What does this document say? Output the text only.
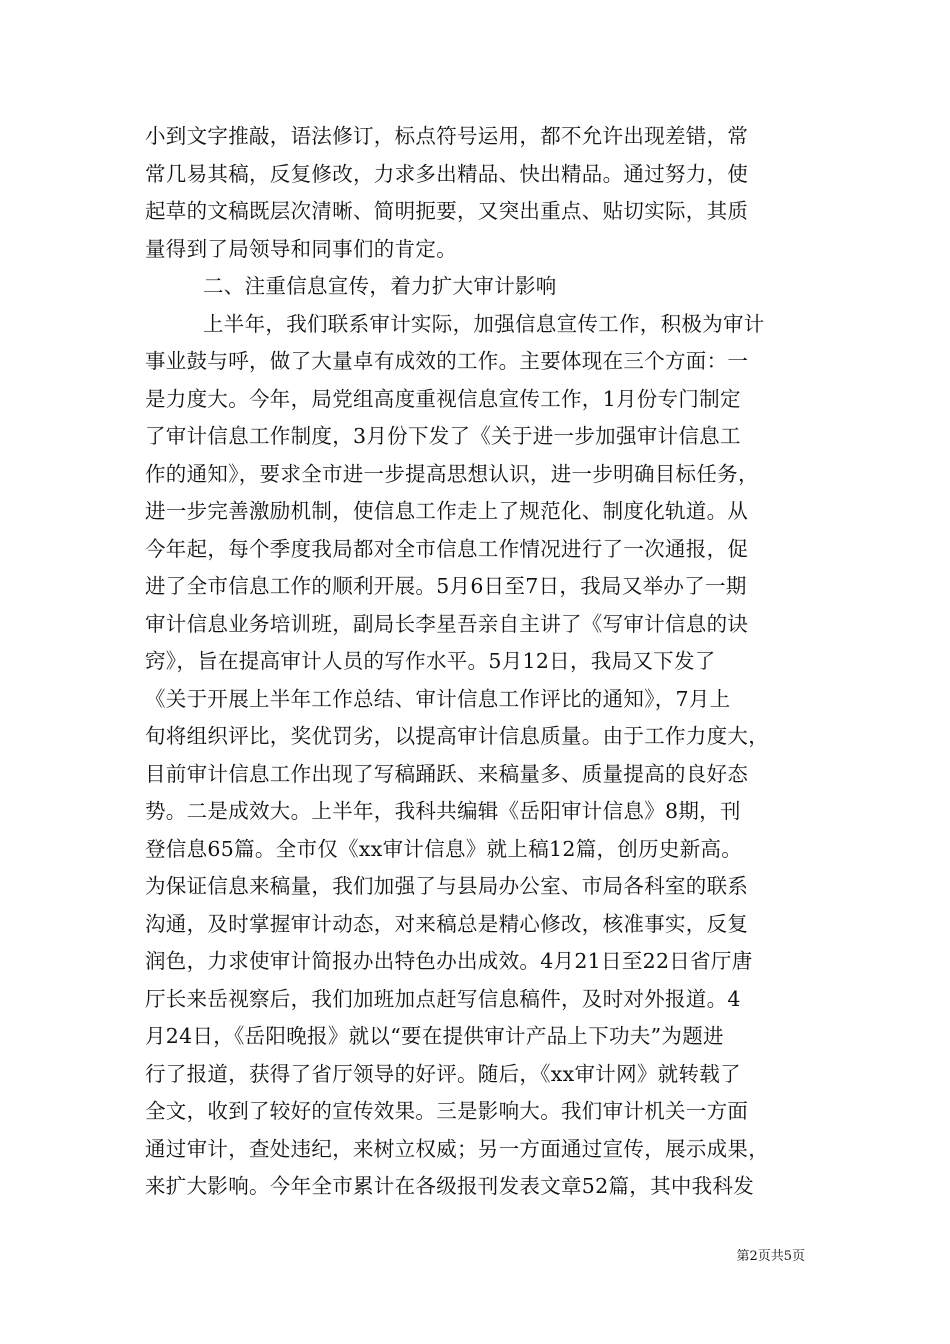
小到文字推敲，语法修订，标点符号运用，都不允许出现差错，常
常几易其稿，反复修改，力求多出精品、快出精品。通过努力，使
起草的文稿既层次清晰、简明扼要，又突出重点、贴切实际，其质
量得到了局领导和同事们的肯定。
二、注重信息宣传，着力扩大审计影响
上半年，我们联系审计实际，加强信息宣传工作，积极为审计
事业鼓与呼，做了大量卓有成效的工作。主要体现在三个方面：一
是力度大。今年，局党组高度重视信息宣传工作，1月份专门制定
了审计信息工作制度，3月份下发了《关于进一步加强审计信息工
作的通知》，要求全市进一步提高思想认识，进一步明确目标任务，
进一步完善激励机制，使信息工作走上了规范化、制度化轨道。从
今年起，每个季度我局都对全市信息工作情况进行了一次通报，促
进了全市信息工作的顺利开展。5月6日至7日，我局又举办了一期
审计信息业务培训班，副局长李星吾亲自主讲了《写审计信息的诀
窍》，旨在提高审计人员的写作水平。5月12日，我局又下发了
《关于开展上半年工作总结、审计信息工作评比的通知》，7月上
旬将组织评比，奖优罚劣，以提高审计信息质量。由于工作力度大，
目前审计信息工作出现了写稿踊跃、来稿量多、质量提高的良好态
势。二是成效大。上半年，我科共编辑《岳阳审计信息》8期，刊
登信息65篇。全市仅《xx审计信息》就上稿12篇，创历史新高。
为保证信息来稿量，我们加强了与县局办公室、市局各科室的联系
沟通，及时掌握审计动态，对来稿总是精心修改，核准事实，反复
润色，力求使审计简报办出特色办出成效。4月21日至22日省厅唐
厅长来岳视察后，我们加班加点赶写信息稿件，及时对外报道。4
月24日，《岳阳晚报》就以“要在提供审计产品上下功夫”为题进
行了报道，获得了省厅领导的好评。随后，《xx审计网》就转载了
全文，收到了较好的宣传效果。三是影响大。我们审计机关一方面
通过审计，查处违纪，来树立权威；另一方面通过宣传，展示成果，
来扩大影响。今年全市累计在各级报刊发表文章52篇，其中我科发
第2页共5页
